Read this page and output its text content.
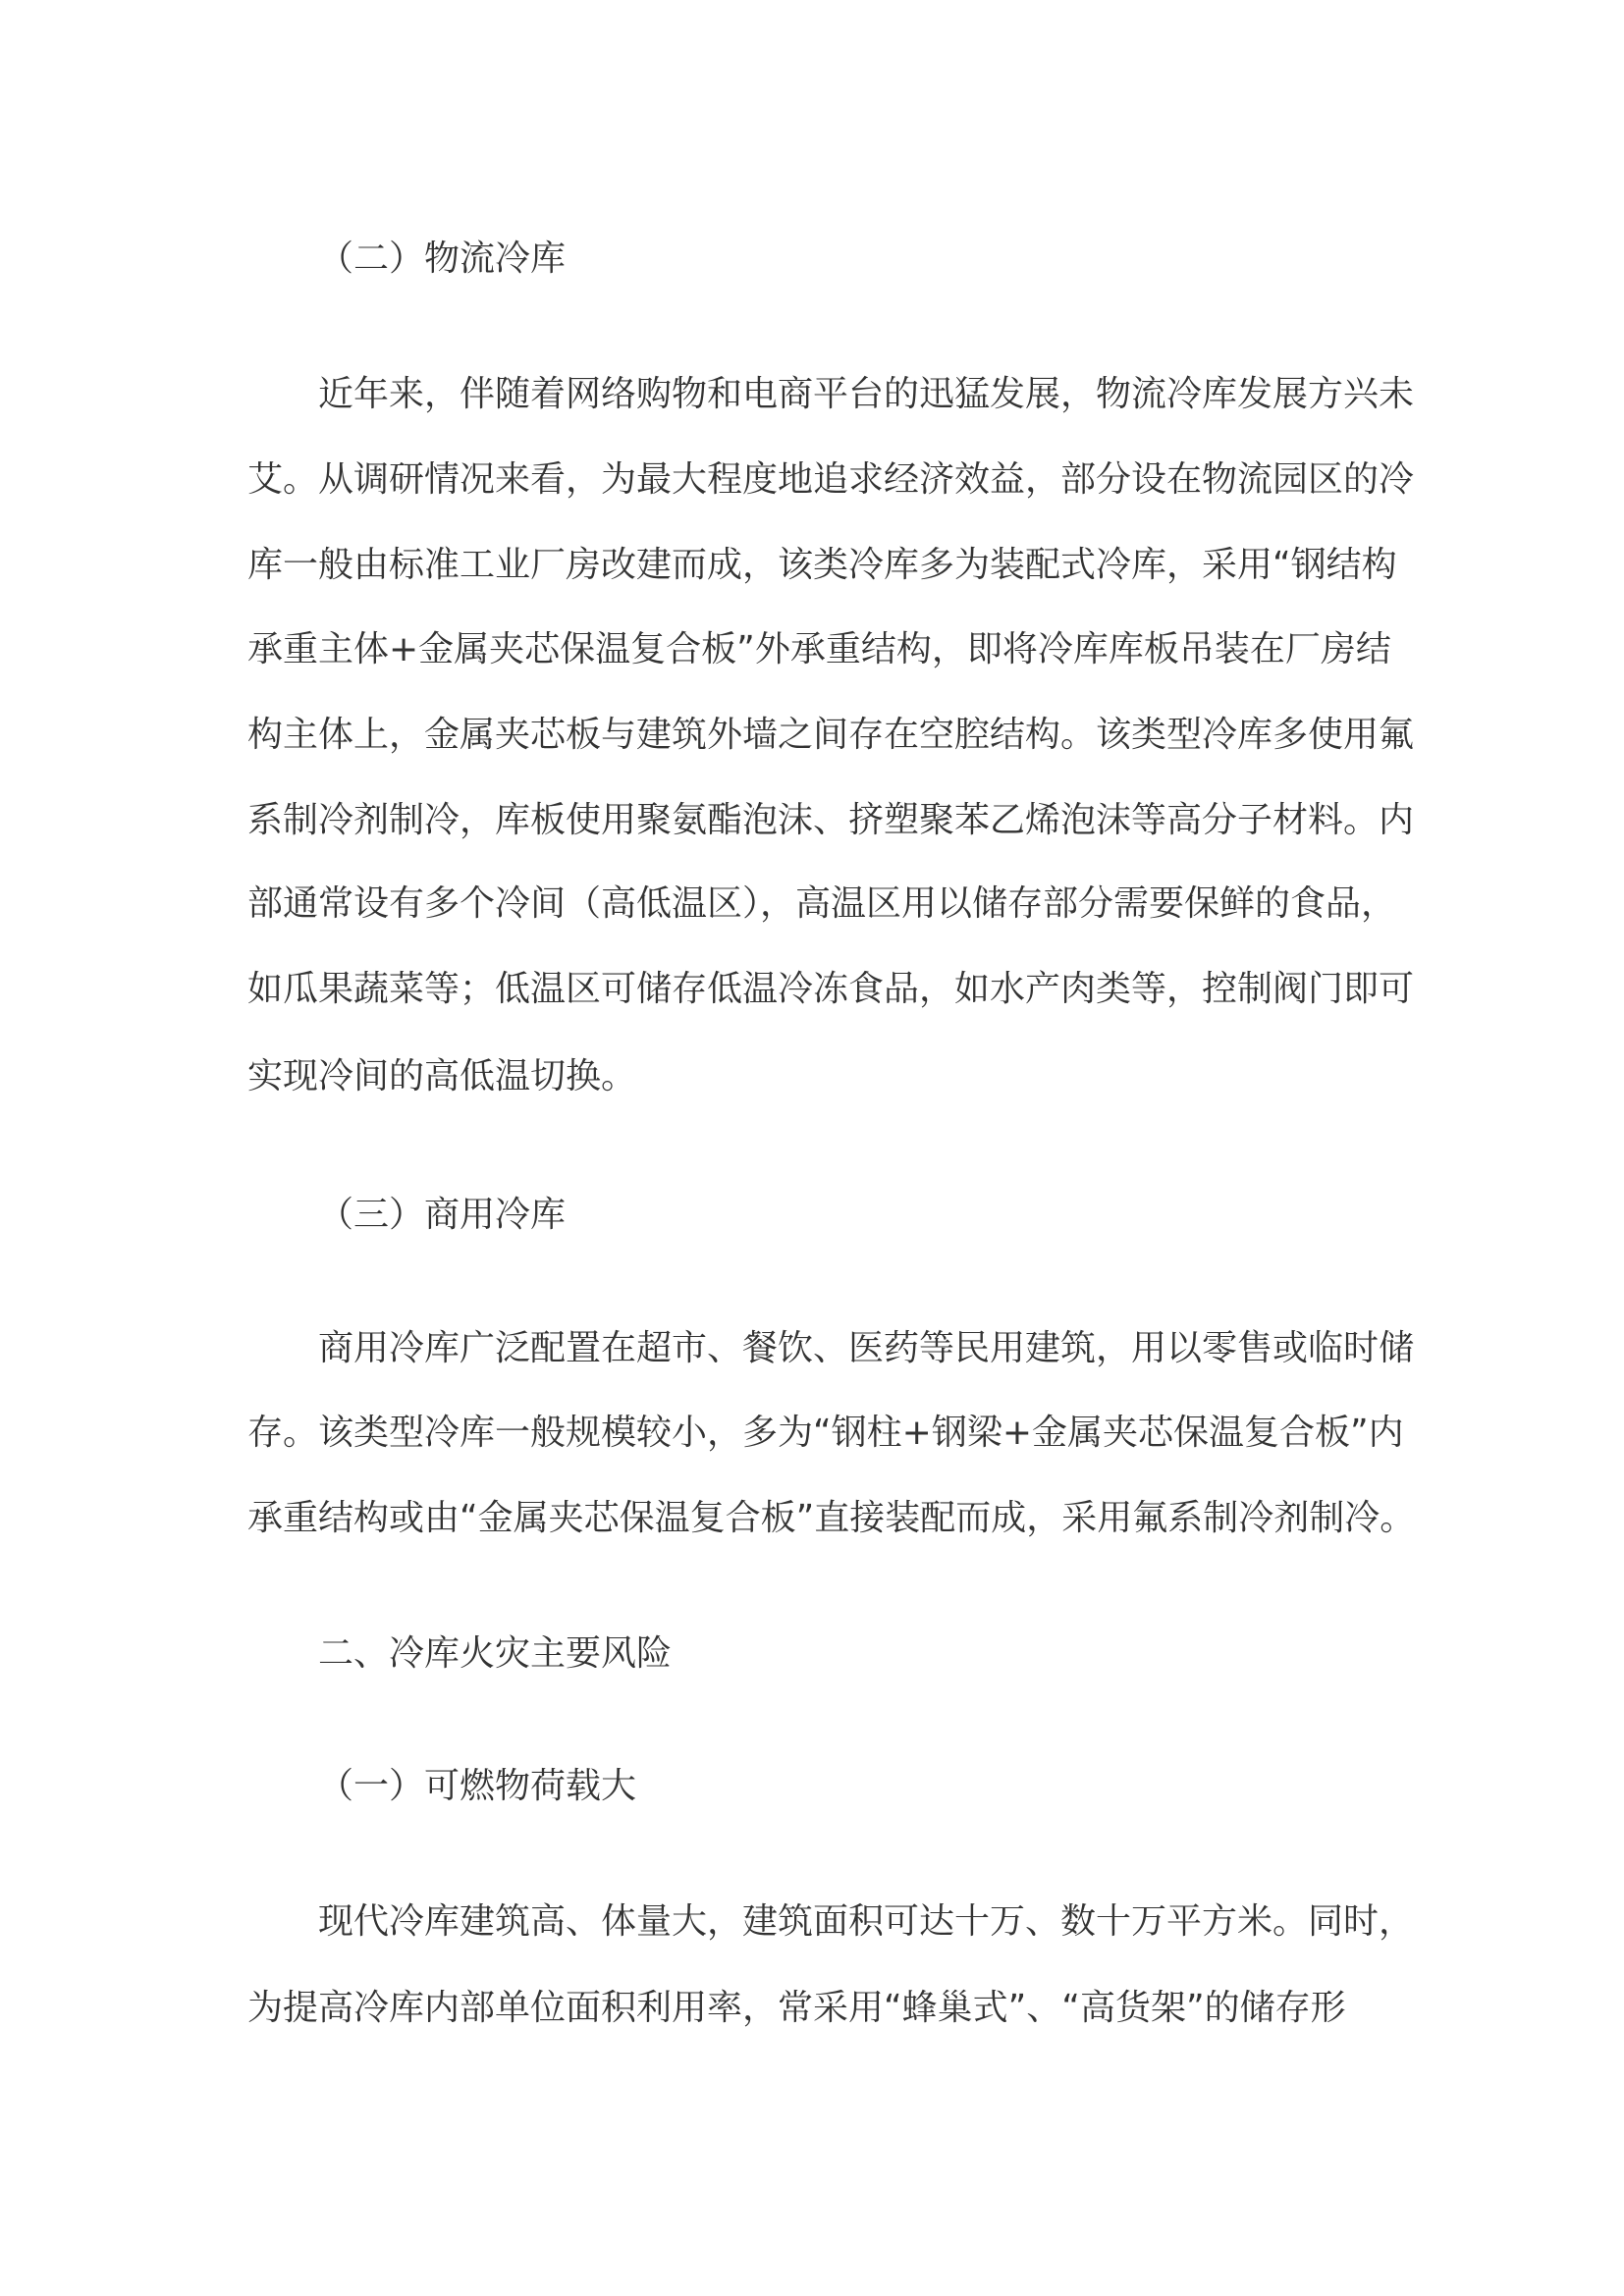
（二）物流冷库
近年来，伴随着网络购物和电商平台的迅猛发展，物流冷库发展方兴未
艾。从调研情况来看，为最大程度地追求经济效益，部分设在物流园区的冷
库一般由标准工业厂房改建而成，该类冷库多为装配式冷库，采用“钢结构
承重主体+金属夹芯保温复合板”外承重结构，即将冷库库板吊装在厂房结
构主体上，金属夹芯板与建筑外墙之间存在空腔结构。该类型冷库多使用氟
系制冷剂制冷，库板使用聚氨酯泡沫、挤塑聚苯乙烯泡沫等高分子材料。内
部通常设有多个冷间（高低温区），高温区用以储存部分需要保鲜的食品，
如瓜果蔬菜等；低温区可储存低温冷冻食品，如水产肉类等，控制阀门即可
实现冷间的高低温切换。
（三）商用冷库
商用冷库广泛配置在超市、餐饮、医药等民用建筑，用以零售或临时储
存。该类型冷库一般规模较小，多为“钢柱+钢梁+金属夹芯保温复合板”内
承重结构或由“金属夹芯保温复合板”直接装配而成，采用氟系制冷剂制冷。
二、冷库火灾主要风险
（一）可燃物荷载大
现代冷库建筑高、体量大，建筑面积可达十万、数十万平方米。同时，
为提高冷库内部单位面积利用率，常采用“蜂巢式”、“高货架”的储存形
